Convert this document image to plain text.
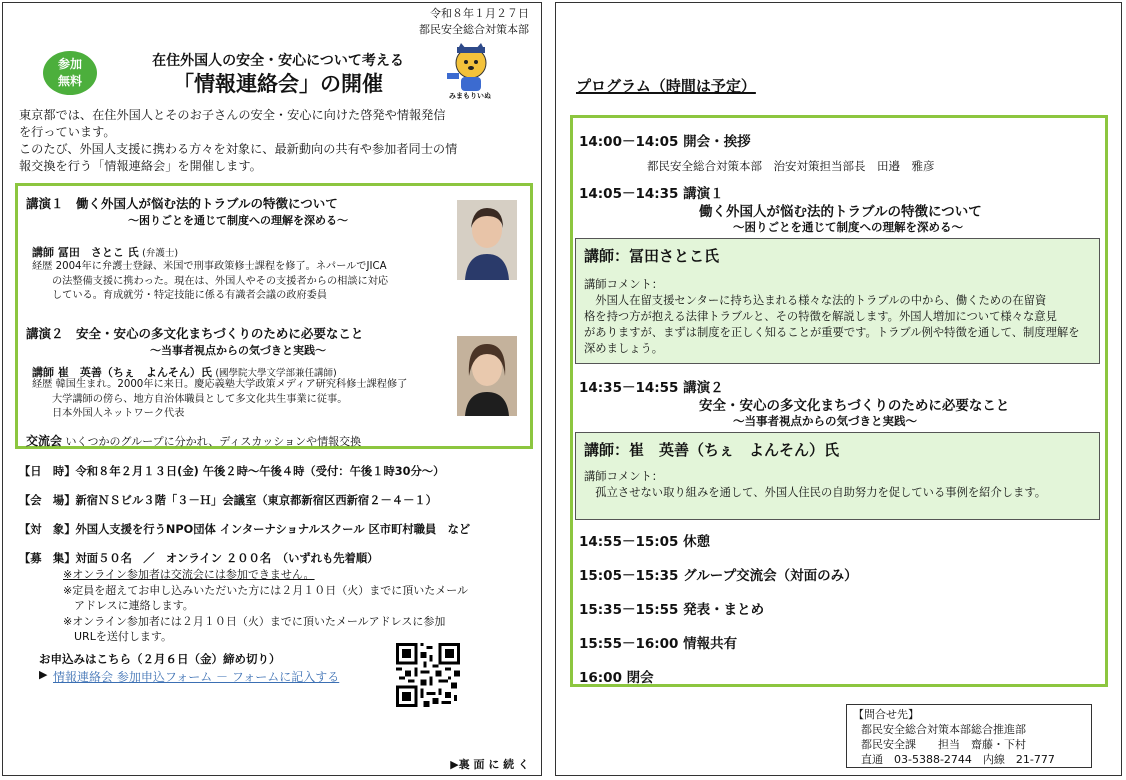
令和８年１月２７日
都民安全総合対策本部
参加
無料
在住外国人の安全・安心について考える
「情報連絡会」の開催	みまもりいぬ
東京都では、在住外国人とそのお子さんの安全・安心に向けた啓発や情報発信
を行っています。
このたび、外国人支援に携わる方々を対象に、最新動向の共有や参加者同士の情
報交換を行う「情報連絡会」を開催します。
講演１　働く外国人が悩む法的トラブルの特徴について
～困りごとを通じて制度への理解を深める～
講師 冨田　さとこ 氏 (弁護士)
経歴 2004年に弁護士登録、米国で刑事政策修士課程を修了。ネパールでJICA
の法整備支援に携わった。現在は、外国人やその支援者からの相談に対応
している。育成就労・特定技能に係る有識者会議の政府委員
講演２　安全・安心の多文化まちづくりのために必要なこと
～当事者視点からの気づきと実践～
講師 崔　英善（ちぇ　よんそん）氏 (國學院大學文学部兼任講師)
経歴 韓国生まれ。2000年に来日。慶応義塾大学政策メディア研究科修士課程修了
大学講師の傍ら、地方自治体職員として多文化共生事業に従事。
日本外国人ネットワーク代表
交流会 いくつかのグループに分かれ、ディスカッションや情報交換
【日　時】令和８年２月１３日(金) 午後２時～午後４時（受付：午後１時30分～）
【会　場】新宿ＮＳビル３階「３－Ｈ」会議室（東京都新宿区西新宿２－４－１）
【対　象】外国人支援を行うNPO団体 インターナショナルスクール 区市町村職員　など
【募　集】対面５０名　／　オンライン ２００名　（いずれも先着順）
※オンライン参加者は交流会には参加できません。
※定員を超えてお申し込みいただいた方には２月１０日（火）までに頂いたメール
　アドレスに連絡します。
※オンライン参加者には２月１０日（火）までに頂いたメールアドレスに参加
　URLを送付します。
お申込みはこちら（２月６日（金）締め切り）
▶ 情報連絡会 参加申込フォーム － フォームに記入する
▶裏 面 に 続 く
プログラム（時間は予定）
14:00－14:05 開会・挨拶
都民安全総合対策本部　治安対策担当部長　田邉　雅彦
14:05－14:35 講演１
働く外国人が悩む法的トラブルの特徴について
～困りごとを通じて制度への理解を深める～
講師：冨田さとこ氏
講師コメント：
　外国人在留支援センターに持ち込まれる様々な法的トラブルの中から、働くための在留資
格を持つ方が抱える法律トラブルと、その特徴を解説します。外国人増加について様々な意見
がありますが、まずは制度を正しく知ることが重要です。トラブル例や特徴を通して、制度理解を
深めましょう。
14:35－14:55 講演２
安全・安心の多文化まちづくりのために必要なこと
～当事者視点からの気づきと実践～
講師：崔　英善（ちぇ　よんそん）氏
講師コメント：
　孤立させない取り組みを通して、外国人住民の自助努力を促している事例を紹介します。
14:55－15:05 休憩
15:05－15:35 グループ交流会（対面のみ）
15:35－15:55 発表・まとめ
15:55－16:00 情報共有
16:00 閉会
【問合せ先】
都民安全総合対策本部総合推進部
都民安全課　　担当　齋藤・下村
直通　03-5388-2744　内線　21-777
